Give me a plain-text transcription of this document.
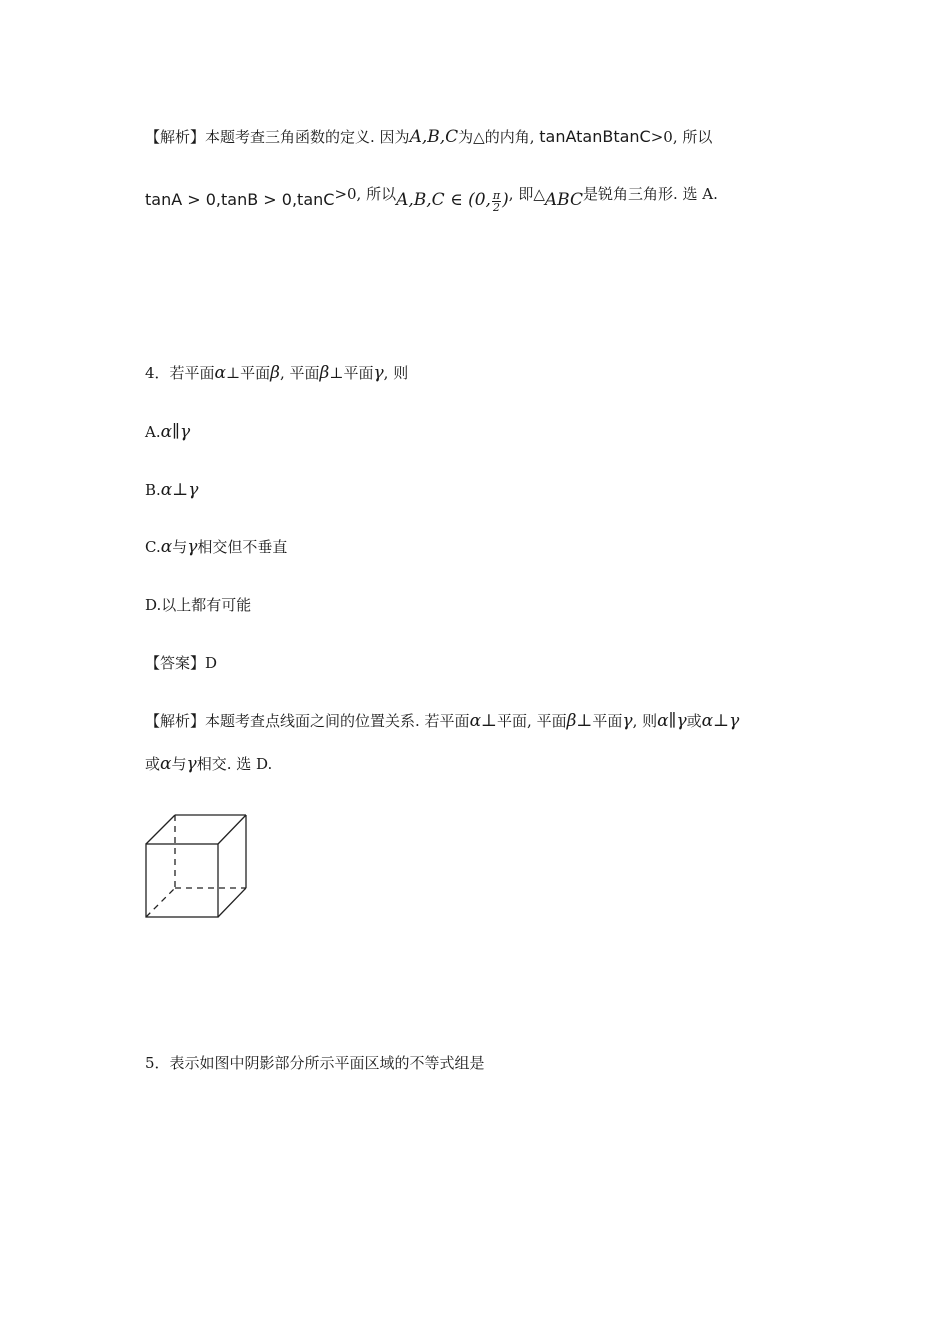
【解析】本题考查三角函数的定义. 因为A,B,C为△的内角, tanAtanBtanC>0, 所以
tanA > 0,tanB > 0,tanC>0, 所以A,B,C ∈ (0, $\frac{\pi}{2}$ ), 即△ABC是锐角三角形. 选 A.
4．若平面α⊥平面β, 平面β⊥平面γ, 则
A.α∥γ
B.α⊥γ
C.α与γ相交但不垂直
D.以上都有可能
【答案】D
【解析】本题考查点线面之间的位置关系. 若平面α⊥平面, 平面β⊥平面γ, 则α∥γ或α⊥γ
或α与γ相交. 选 D.
5．表示如图中阴影部分所示平面区域的不等式组是
